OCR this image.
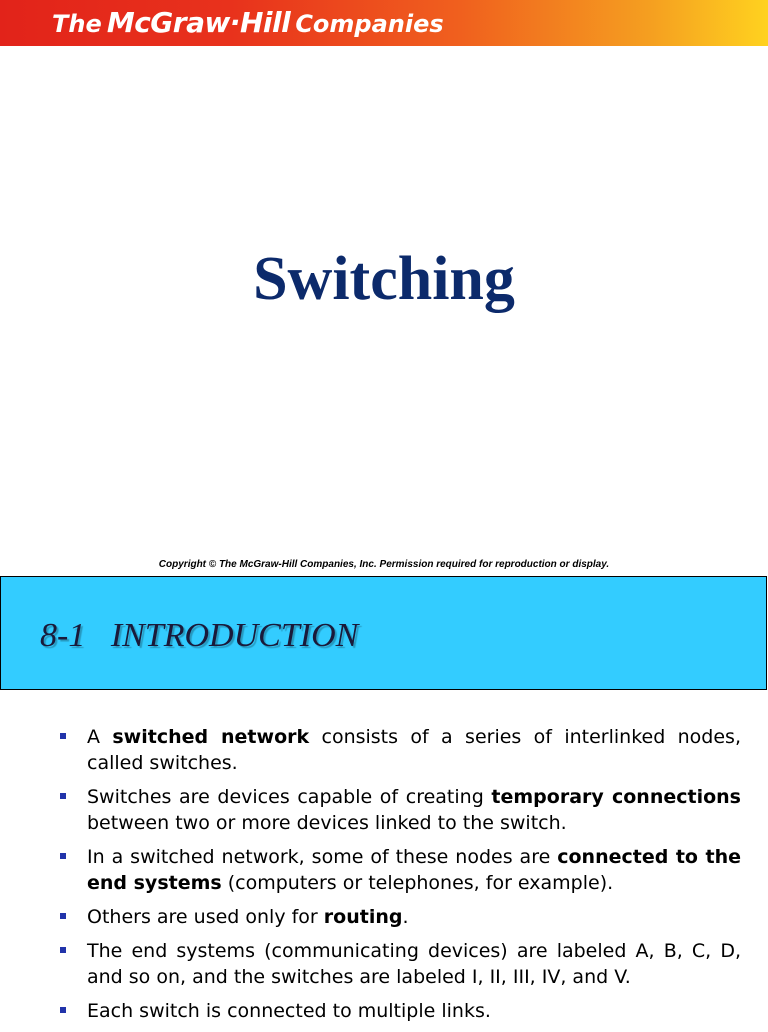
The McGraw·Hill Companies
Switching
Copyright © The McGraw-Hill Companies, Inc. Permission required for reproduction or display.
8-1   INTRODUCTION
A switched network consists of a series of interlinked nodes, called switches.
Switches are devices capable of creating temporary connections between two or more devices linked to the switch.
In a switched network, some of these nodes are connected to the end systems (computers or telephones, for example).
Others are used only for routing.
The end systems (communicating devices) are labeled A, B, C, D, and so on, and the switches are labeled I, II, III, IV, and V.
Each switch is connected to multiple links.
